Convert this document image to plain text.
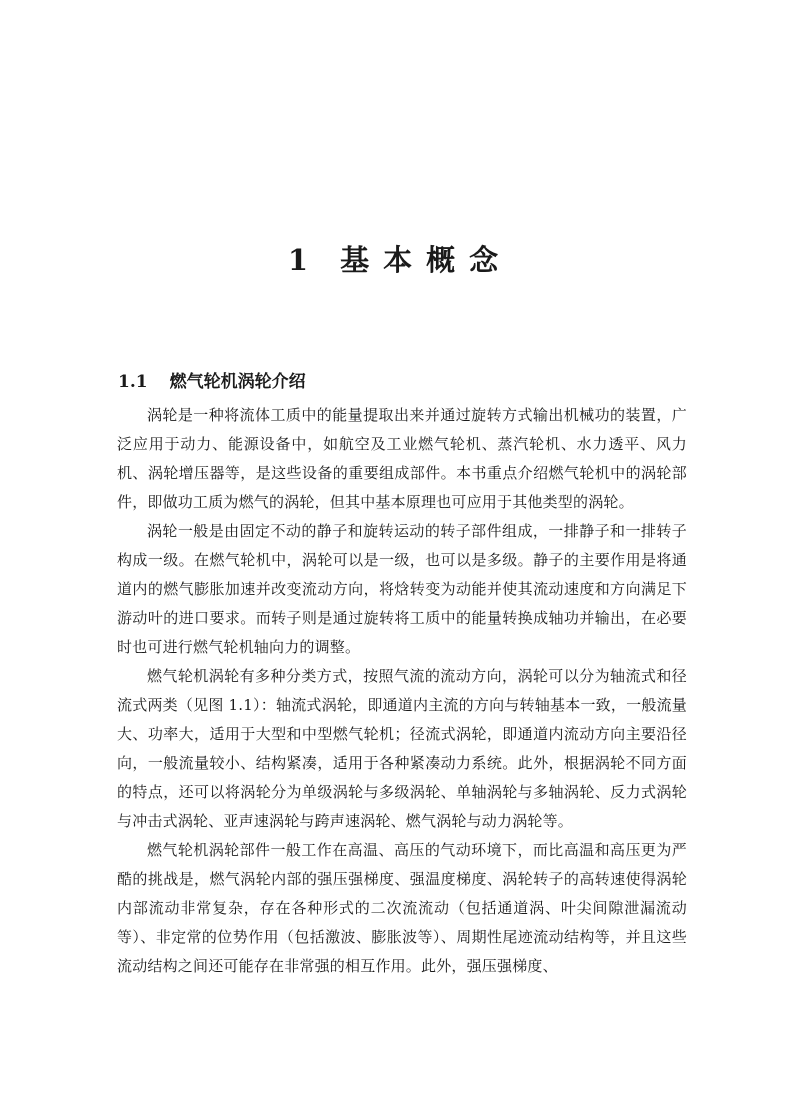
1 基本概念
1.1 燃气轮机涡轮介绍

涡轮是一种将流体工质中的能量提取出来并通过旋转方式输出机械功的装置，广泛应用于动力、能源设备中，如航空及工业燃气轮机、蒸汽轮机、水力透平、风力机、涡轮增压器等，是这些设备的重要组成部件。本书重点介绍燃气轮机中的涡轮部件，即做功工质为燃气的涡轮，但其中基本原理也可应用于其他类型的涡轮。

涡轮一般是由固定不动的静子和旋转运动的转子部件组成，一排静子和一排转子构成一级。在燃气轮机中，涡轮可以是一级，也可以是多级。静子的主要作用是将通道内的燃气膨胀加速并改变流动方向，将焓转变为动能并使其流动速度和方向满足下游动叶的进口要求。而转子则是通过旋转将工质中的能量转换成轴功并输出，在必要时也可进行燃气轮机轴向力的调整。

燃气轮机涡轮有多种分类方式，按照气流的流动方向，涡轮可以分为轴流式和径流式两类（见图 1.1）：轴流式涡轮，即通道内主流的方向与转轴基本一致，一般流量大、功率大，适用于大型和中型燃气轮机；径流式涡轮，即通道内流动方向主要沿径向，一般流量较小、结构紧凑，适用于各种紧凑动力系统。此外，根据涡轮不同方面的特点，还可以将涡轮分为单级涡轮与多级涡轮、单轴涡轮与多轴涡轮、反力式涡轮与冲击式涡轮、亚声速涡轮与跨声速涡轮、燃气涡轮与动力涡轮等。

燃气轮机涡轮部件一般工作在高温、高压的气动环境下，而比高温和高压更为严酷的挑战是，燃气涡轮内部的强压强梯度、强温度梯度、涡轮转子的高转速使得涡轮内部流动非常复杂，存在各种形式的二次流流动（包括通道涡、叶尖间隙泄漏流动等）、非定常的位势作用（包括激波、膨胀波等）、周期性尾迹流动结构等，并且这些流动结构之间还可能存在非常强的相互作用。此外，强压强梯度、
